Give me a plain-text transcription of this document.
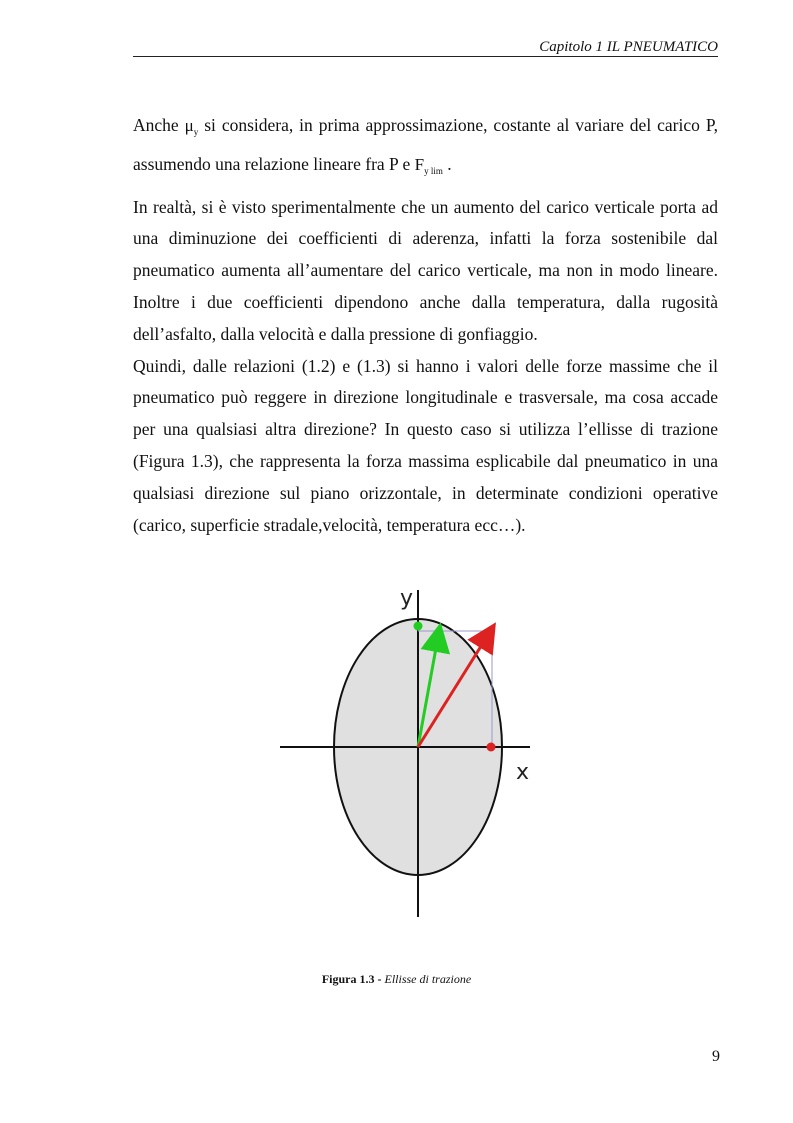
Capitolo 1 IL PNEUMATICO

Anche $\mu_y$ si considera, in prima approssimazione, costante al variare del carico P, assumendo una relazione lineare fra P e $F_{y lim}$ .

In realtà, si è visto sperimentalmente che un aumento del carico verticale porta ad una diminuzione dei coefficienti di aderenza, infatti la forza sostenibile dal pneumatico aumenta all’aumentare del carico verticale, ma non in modo lineare. Inoltre i due coefficienti dipendono anche dalla temperatura, dalla rugosità dell’asfalto, dalla velocità e dalla pressione di gonfiaggio.

Quindi, dalle relazioni (1.2) e (1.3) si hanno i valori delle forze massime che il pneumatico può reggere in direzione longitudinale e trasversale, ma cosa accade per una qualsiasi altra direzione? In questo caso si utilizza l’ellisse di trazione (Figura 1.3), che rappresenta la forza massima esplicabile dal pneumatico in una qualsiasi direzione sul piano orizzontale, in determinate condizioni operative (carico, superficie stradale,velocità, temperatura ecc…).

y
x
Figura 1.3 - Ellisse di trazione
9
